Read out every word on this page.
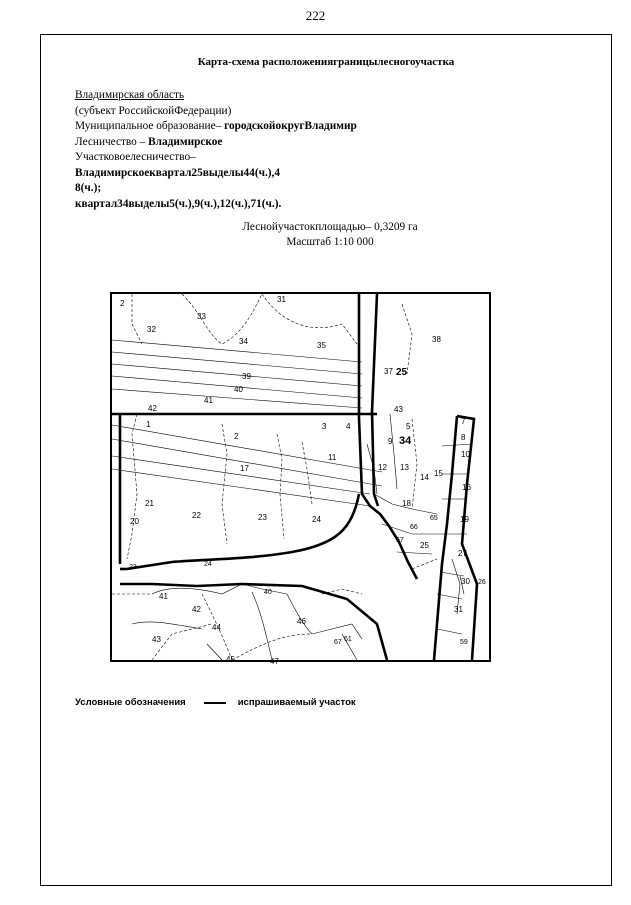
222
Карта-схема расположенияграницылесногоучастка
Владимирская область
(субъект РоссийскойФедерации)
Муниципальное образование– городскойокругВладимир
Лесничество – Владимирское
Участковоелесничество–
Владимирскоеквартал25выделы44(ч.),4
8(ч.);
квартал34выделы5(ч.),9(ч.),12(ч.),71(ч.).
Леснойучастокплощадью– 0,3209 га
Масштаб 1:10 000
2
32
33
34	35
31
38
37 25
39
40
41
42	43
1
2
3 4	5
9 34
11
12 13
14 15
17
18
16
10
8
7
21
22	23	24
20	19
65
66
57
25
27
26
30
31
59
23	24
41
42
44
40
43
45
46
47
67 61
Условные обозначения	испрашиваемый участок
